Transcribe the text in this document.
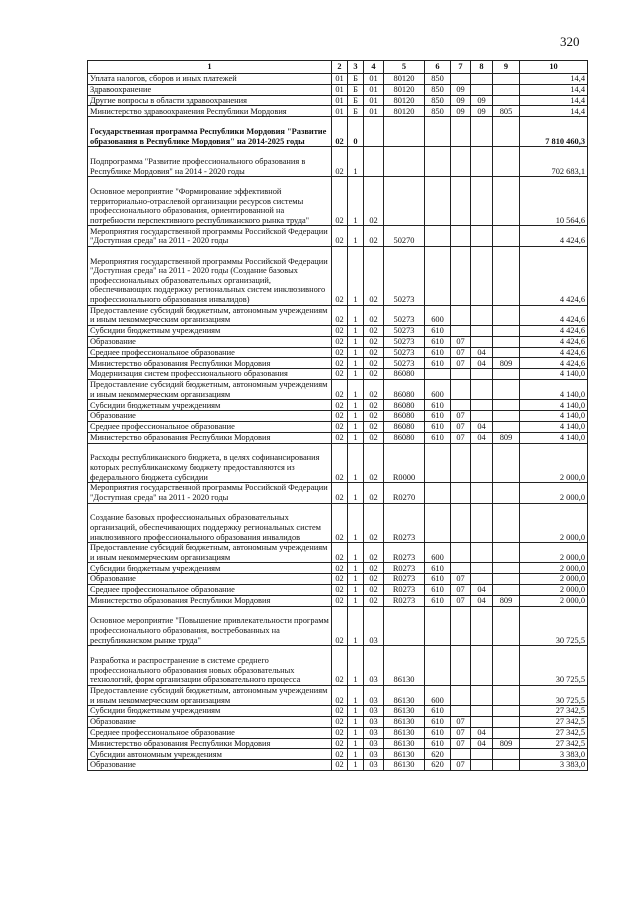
320
1	2	3	4	5	6	7	8	9	10
Уплата налогов, сборов и иных платежей	01	Б	01	80120	850				14,4
Здравоохранение	01	Б	01	80120	850	09			14,4
Другие вопросы в области здравоохранения	01	Б	01	80120	850	09	09		14,4
Министерство здравоохранения Республики Мордовия	01	Б	01	80120	850	09	09	805	14,4
Государственная программа Республики Мордовия "Развитие образования в Республике Мордовия" на 2014-2025 годы	02	0							7 810 460,3
Подпрограмма "Развитие профессионального образования в Республике Мордовия" на 2014 - 2020 годы	02	1							702 683,1
Основное мероприятие "Формирование эффективной территориально-отраслевой организации ресурсов системы профессионального образования, ориентированной на потребности перспективного республиканского рынка труда"	02	1	02						10 564,6
Мероприятия государственной программы Российской Федерации "Доступная среда" на 2011 - 2020 годы	02	1	02	50270					4 424,6
Мероприятия государственной программы Российской Федерации "Доступная среда" на 2011 - 2020 годы (Создание базовых профессиональных образовательных организаций, обеспечивающих поддержку региональных систем инклюзивного профессионального образования инвалидов)	02	1	02	50273					4 424,6
Предоставление субсидий бюджетным, автономным учреждениям и иным некоммерческим организациям	02	1	02	50273	600				4 424,6
Субсидии бюджетным учреждениям	02	1	02	50273	610				4 424,6
Образование	02	1	02	50273	610	07			4 424,6
Среднее профессиональное образование	02	1	02	50273	610	07	04		4 424,6
Министерство образования Республики Мордовия	02	1	02	50273	610	07	04	809	4 424,6
Модернизация систем профессионального образования	02	1	02	86080					4 140,0
Предоставление субсидий бюджетным, автономным учреждениям и иным некоммерческим организациям	02	1	02	86080	600				4 140,0
Субсидии бюджетным учреждениям	02	1	02	86080	610				4 140,0
Образование	02	1	02	86080	610	07			4 140,0
Среднее профессиональное образование	02	1	02	86080	610	07	04		4 140,0
Министерство образования Республики Мордовия	02	1	02	86080	610	07	04	809	4 140,0
Расходы республиканского бюджета, в целях софинансирования которых республиканскому бюджету предоставляются из федерального бюджета субсидии	02	1	02	R0000					2 000,0
Мероприятия государственной программы Российской Федерации "Доступная среда" на 2011 - 2020 годы	02	1	02	R0270					2 000,0
Создание базовых профессиональных образовательных организаций, обеспечивающих поддержку региональных систем инклюзивного профессионального образования инвалидов	02	1	02	R0273					2 000,0
Предоставление субсидий бюджетным, автономным учреждениям и иным некоммерческим организациям	02	1	02	R0273	600				2 000,0
Субсидии бюджетным учреждениям	02	1	02	R0273	610				2 000,0
Образование	02	1	02	R0273	610	07			2 000,0
Среднее профессиональное образование	02	1	02	R0273	610	07	04		2 000,0
Министерство образования Республики Мордовия	02	1	02	R0273	610	07	04	809	2 000,0
Основное мероприятие "Повышение привлекательности программ профессионального образования, востребованных на республиканском рынке труда"	02	1	03						30 725,5
Разработка и распространение в системе среднего профессионального образования новых образовательных технологий, форм организации образовательного процесса	02	1	03	86130					30 725,5
Предоставление субсидий бюджетным, автономным учреждениям и иным некоммерческим организациям	02	1	03	86130	600				30 725,5
Субсидии бюджетным учреждениям	02	1	03	86130	610				27 342,5
Образование	02	1	03	86130	610	07			27 342,5
Среднее профессиональное образование	02	1	03	86130	610	07	04		27 342,5
Министерство образования Республики Мордовия	02	1	03	86130	610	07	04	809	27 342,5
Субсидии автономным учреждениям	02	1	03	86130	620				3 383,0
Образование	02	1	03	86130	620	07			3 383,0
